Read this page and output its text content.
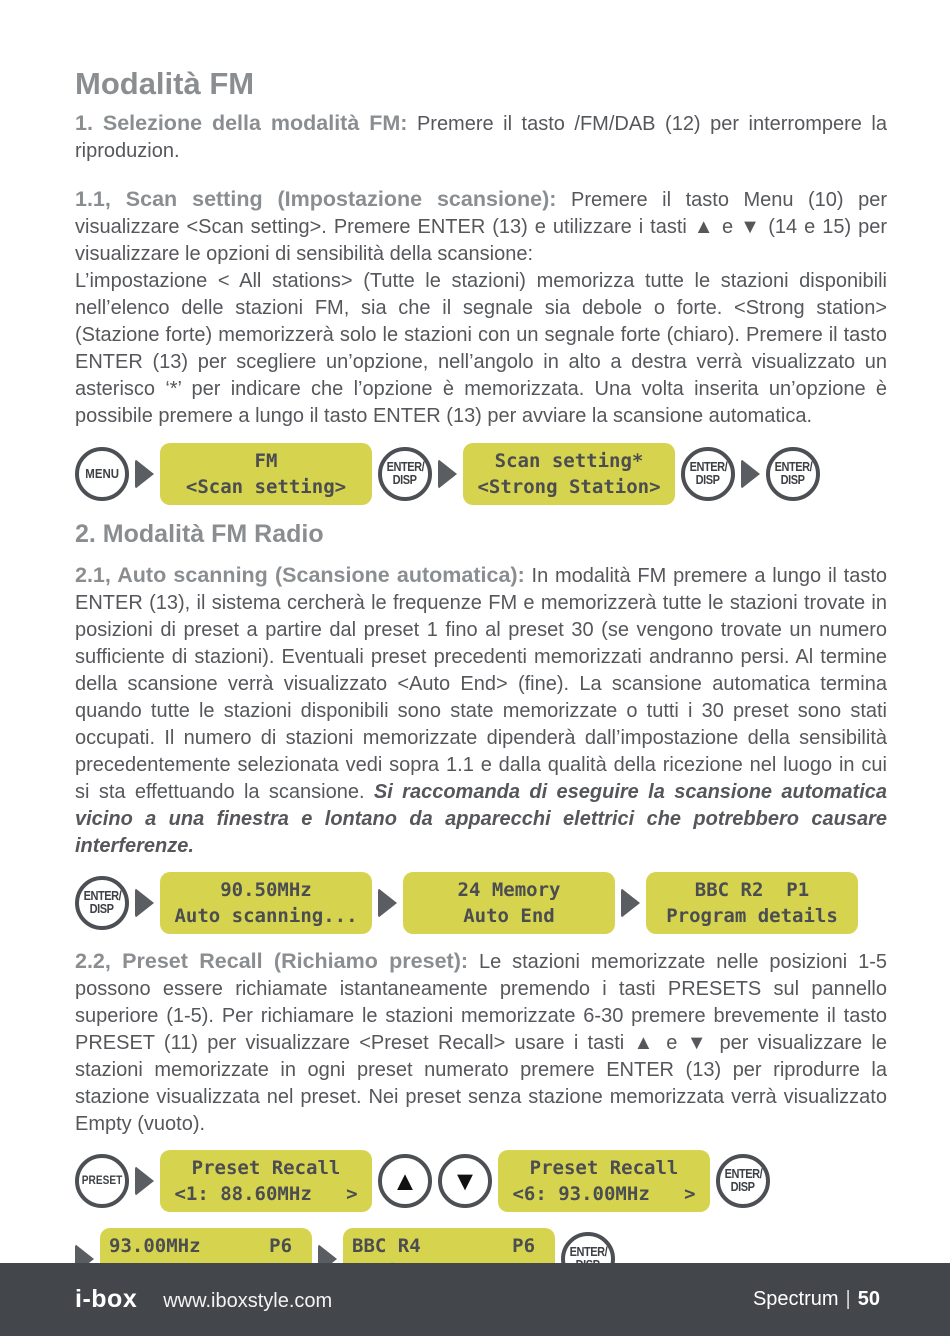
Modalità FM

1. Selezione della modalità FM: Premere il tasto /FM/DAB (12) per interrompere la riproduzion.

1.1, Scan setting (Impostazione scansione): Premere il tasto Menu (10) per visualizzare <Scan setting>. Premere ENTER (13) e utilizzare i tasti ▲ e ▼ (14 e 15) per visualizzare le opzioni di sensibilità della scansione:
L’impostazione < All stations> (Tutte le stazioni) memorizza tutte le stazioni disponibili nell’elenco delle stazioni FM, sia che il segnale sia debole o forte. <Strong station> (Stazione forte) memorizzerà solo le stazioni con un segnale forte (chiaro). Premere il tasto ENTER (13) per scegliere un’opzione, nell’angolo in alto a destra verrà visualizzato un asterisco ‘*’ per indicare che l’opzione è memorizzata. Una volta inserita un’opzione è possibile premere a lungo il tasto ENTER (13) per avviare la scansione automatica.

MENU
FM
<Scan setting>
ENTER/
DISP
Scan setting*
<Strong Station>
ENTER/
DISP
ENTER/
DISP
2. Modalità FM Radio

2.1, Auto scanning (Scansione automatica): In modalità FM premere a lungo il tasto ENTER (13), il sistema cercherà le frequenze FM e memorizzerà tutte le stazioni trovate in posizioni di preset a partire dal preset 1 fino al preset 30 (se vengono trovate un numero sufficiente di stazioni). Eventuali preset precedenti memorizzati andranno persi. Al termine della scansione verrà visualizzato <Auto End> (fine). La scansione automatica termina quando tutte le stazioni disponibili sono state memorizzate o tutti i 30 preset sono stati occupati. Il numero di stazioni memorizzate dipenderà dall’impostazione della sensibilità precedentemente selezionata vedi sopra 1.1 e dalla qualità della ricezione nel luogo in cui si sta effettuando la scansione. Si raccomanda di eseguire la scansione automatica vicino a una finestra e lontano da apparecchi elettrici che potrebbero causare interferenze.

ENTER/
DISP
90.50MHz
Auto scanning...
24 Memory
Auto End
BBC R2  P1
Program details

2.2, Preset Recall (Richiamo preset): Le stazioni memorizzate nelle posizioni 1-5 possono essere richiamate istantaneamente premendo i tasti PRESETS sul pannello superiore (1-5). Per richiamare le stazioni memorizzate 6-30 premere brevemente il tasto PRESET (11) per visualizzare <Preset Recall> usare i tasti ▲ e ▼ per visualizzare le stazioni memorizzate in ogni preset numerato premere ENTER (13) per riprodurre la stazione visualizzata nel preset. Nei preset senza stazione memorizzata verrà visualizzato Empty (vuoto).

PRESET
Preset Recall
<1: 88.60MHz   > ▲ ▼	Preset Recall
<6: 93.00MHz   >
ENTER/
DISP
93.00MHz      P6	BBC R4        P6	ENTER/
i-box www.iboxstyle.com	Spectrum | 50
